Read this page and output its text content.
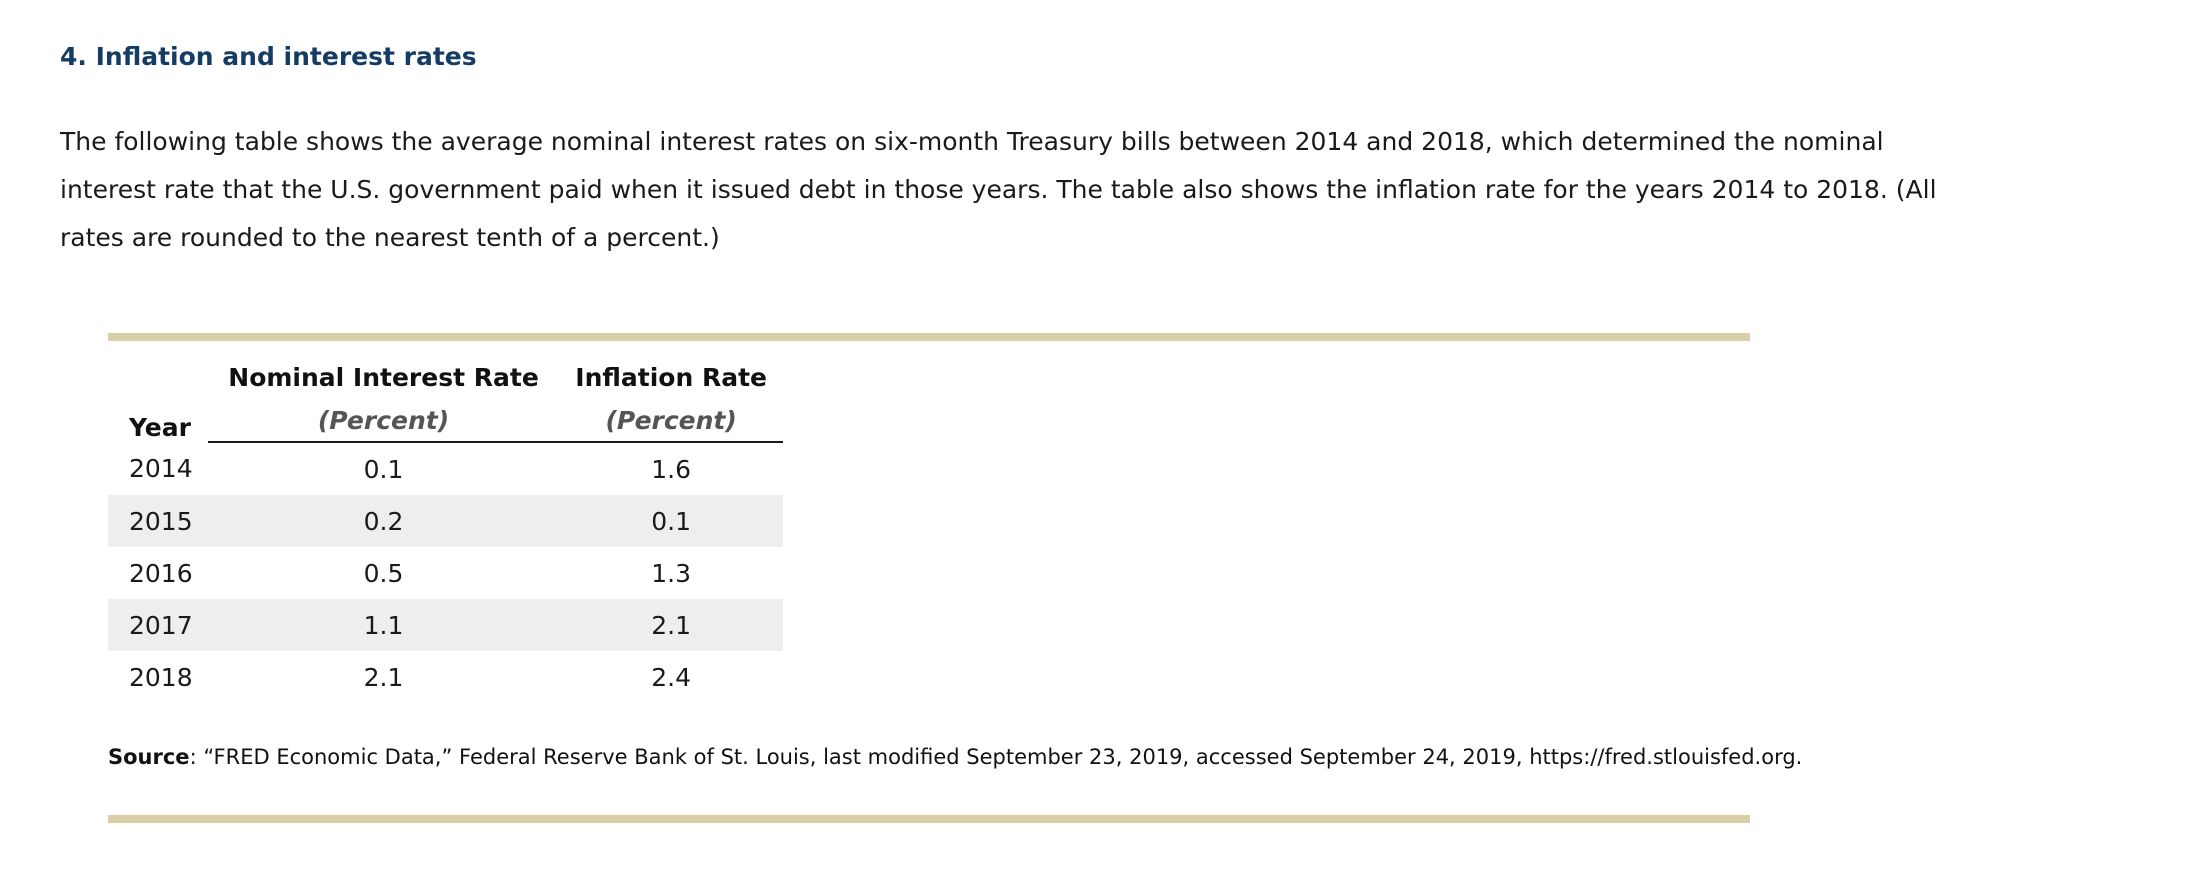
4. Inflation and interest rates

The following table shows the average nominal interest rates on six-month Treasury bills between 2014 and 2018, which determined the nominal interest rate that the U.S. government paid when it issued debt in those years. The table also shows the inflation rate for the years 2014 to 2018. (All rates are rounded to the nearest tenth of a percent.)

Year	Nominal Interest Rate	Inflation Rate
	(Percent)	(Percent)
2014	0.1	1.6
2015	0.2	0.1
2016	0.5	1.3
2017	1.1	2.1
2018	2.1	2.4
Source: “FRED Economic Data,” Federal Reserve Bank of St. Louis, last modified September 23, 2019, accessed September 24, 2019, https://fred.stlouisfed.org.
